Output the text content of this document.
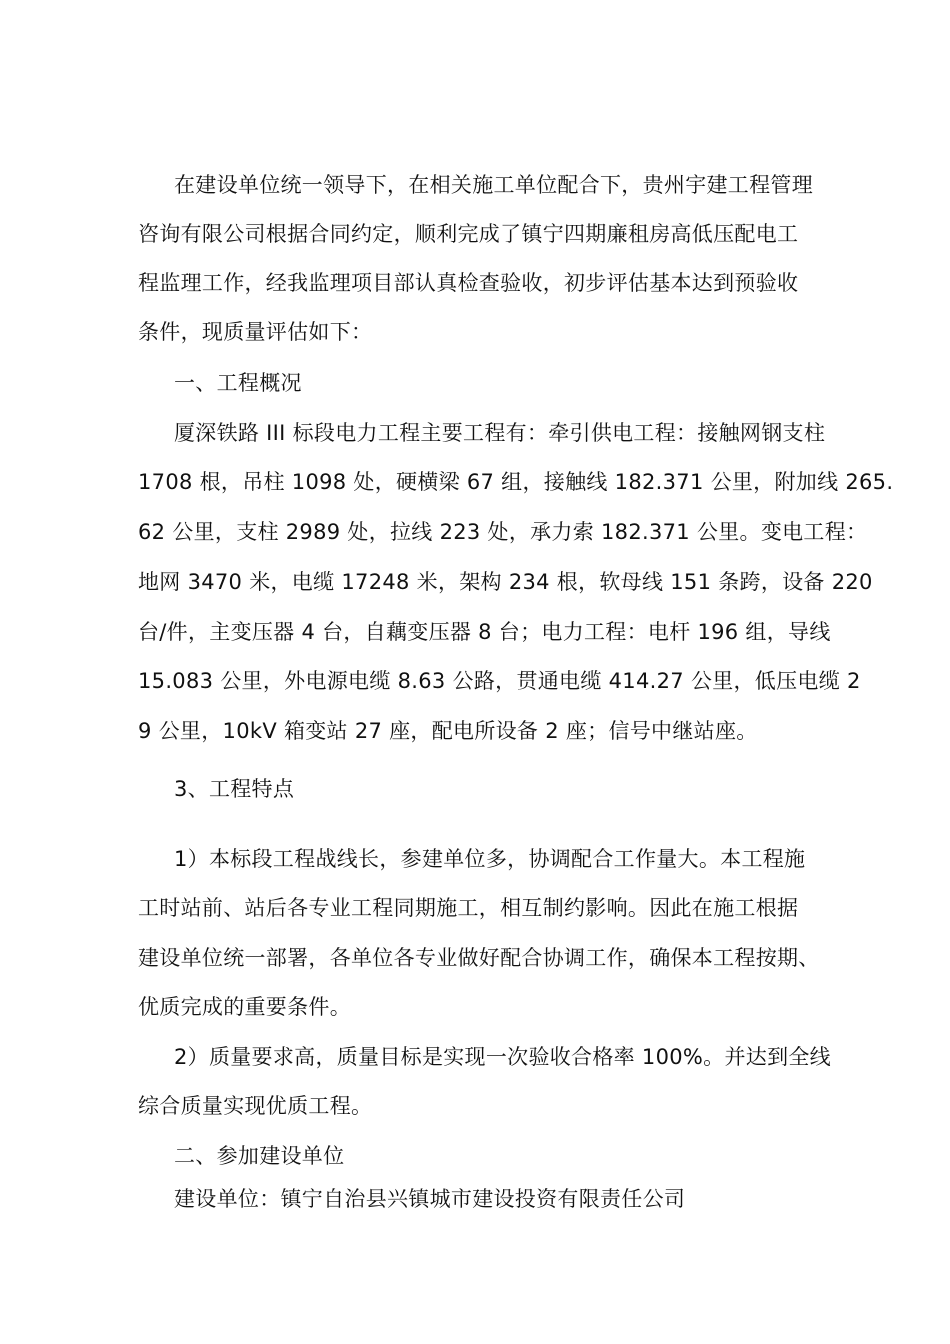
在建设单位统一领导下，在相关施工单位配合下，贵州宇建工程管理
咨询有限公司根据合同约定，顺利完成了镇宁四期廉租房高低压配电工
程监理工作，经我监理项目部认真检查验收，初步评估基本达到预验收
条件，现质量评估如下：
一、工程概况
厦深铁路 III 标段电力工程主要工程有：牵引供电工程：接触网钢支柱
1708 根，吊柱 1098 处，硬横梁 67 组，接触线 182.371 公里，附加线 265.
62 公里，支柱 2989 处，拉线 223 处，承力索 182.371 公里。变电工程：
地网 3470 米，电缆 17248 米，架构 234 根，软母线 151 条跨，设备 220
台/件，主变压器 4 台，自藕变压器 8 台；电力工程：电杆 196 组，导线
15.083 公里，外电源电缆 8.63 公路，贯通电缆 414.27 公里，低压电缆 2
9 公里，10kV 箱变站 27 座，配电所设备 2 座；信号中继站座。
3、工程特点
1）本标段工程战线长，参建单位多，协调配合工作量大。本工程施
工时站前、站后各专业工程同期施工，相互制约影响。因此在施工根据
建设单位统一部署，各单位各专业做好配合协调工作，确保本工程按期、
优质完成的重要条件。
2）质量要求高，质量目标是实现一次验收合格率 100%。并达到全线
综合质量实现优质工程。
二、参加建设单位
建设单位：镇宁自治县兴镇城市建设投资有限责任公司
